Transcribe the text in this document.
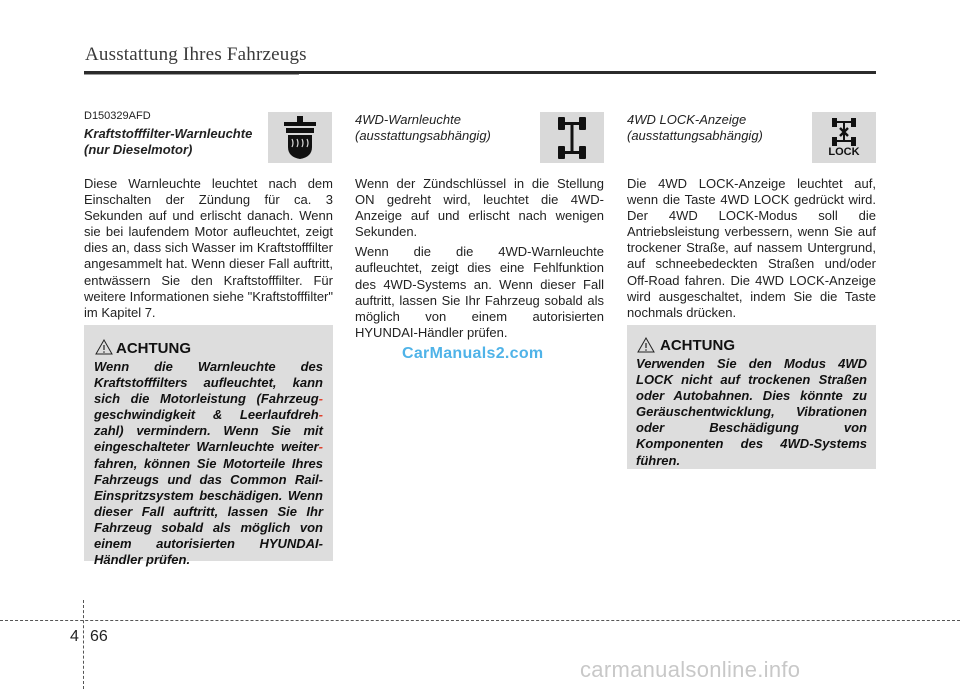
Ausstattung Ihres Fahrzeugs
D150329AFD
Kraftstofffilter-Warnleuchte
(nur Dieselmotor)
Diese Warnleuchte leuchtet nach dem Einschalten der Zündung für ca. 3 Sekunden auf und erlischt danach. Wenn sie bei laufendem Motor aufleuchtet, zeigt dies an, dass sich Wasser im Kraftstofffilter angesammelt hat. Wenn dieser Fall auftritt, entwässern Sie den Kraftstofffilter. Für weitere Informationen siehe "Kraftstofffilter" im Kapitel 7.
ACHTUNG
Wenn die Warnleuchte des
Kraftstofffilters aufleuchtet, kann
sich die Motorleistung (Fahrzeug-
geschwindigkeit & Leerlaufdreh-
zahl) vermindern. Wenn Sie mit
eingeschalteter Warnleuchte weiter-
fahren, können Sie Motorteile Ihres
Fahrzeugs und das Common Rail-
Einspritzsystem beschädigen. Wenn
dieser Fall auftritt, lassen Sie Ihr
Fahrzeug sobald als möglich von
einem autorisierten HYUNDAI-
Händler prüfen.
4WD-Warnleuchte
(ausstattungsabhängig)

Wenn der Zündschlüssel in die Stellung ON gedreht wird, leuchtet die 4WD-Anzeige auf und erlischt nach wenigen Sekunden.

Wenn die die 4WD-Warnleuchte aufleuchtet, zeigt dies eine Fehlfunktion des 4WD-Systems an. Wenn dieser Fall auftritt, lassen Sie Ihr Fahrzeug sobald als möglich von einem autorisierten HYUNDAI-Händler prüfen.

4WD LOCK-Anzeige
(ausstattungsabhängig)
LOCK
Die 4WD LOCK-Anzeige leuchtet auf, wenn die Taste 4WD LOCK gedrückt wird. Der 4WD LOCK-Modus soll die Antriebsleistung verbessern, wenn Sie auf trockener Straße, auf nassem Untergrund, auf schneebedeckten Straßen und/oder Off-Road fahren. Die 4WD LOCK-Anzeige wird ausgeschaltet, indem Sie die Taste nochmals drücken.
ACHTUNG
Verwenden Sie den Modus 4WD LOCK nicht auf trockenen Straßen oder Autobahnen. Dies könnte zu Geräuschentwicklung, Vibrationen oder Beschädigung von Komponenten des 4WD-Systems führen.
CarManuals2.com
4 66
carmanualsonline.info
